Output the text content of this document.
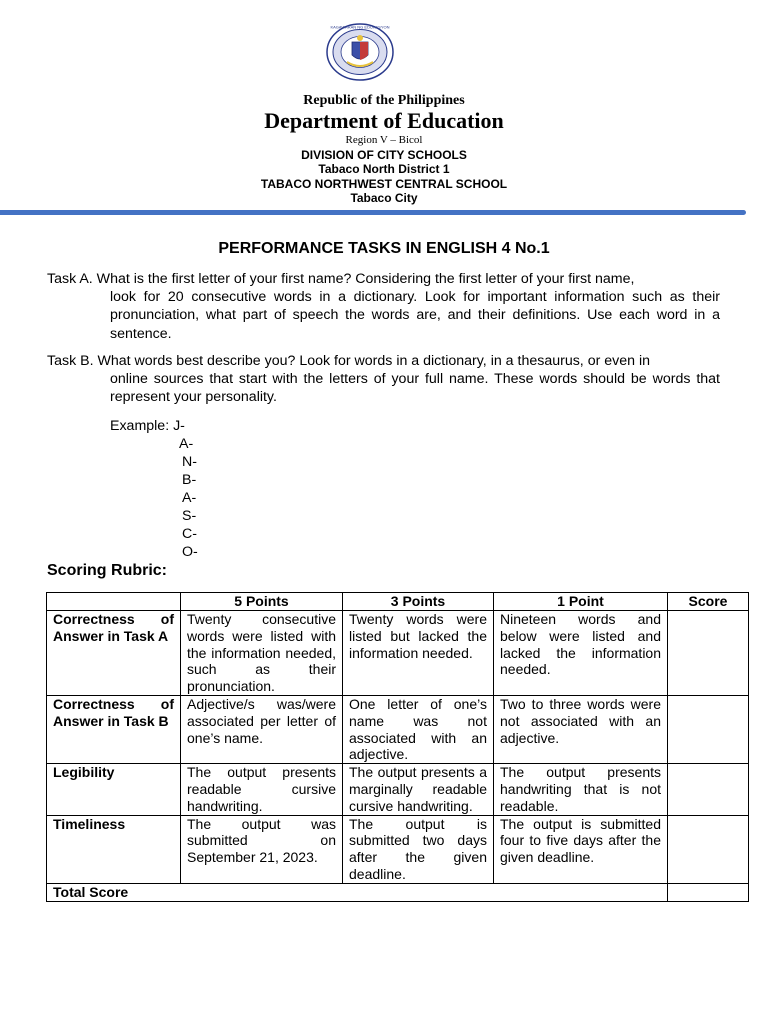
KAGAWARAN NG EDUKASYON
Republic of the Philippines
Department of Education
Region V – Bicol
DIVISION OF CITY SCHOOLS
Tabaco North District 1
TABACO NORTHWEST CENTRAL SCHOOL
Tabaco City
PERFORMANCE TASKS IN ENGLISH 4 No.1
Task A. What is the first letter of your first name? Considering the first letter of your first name,
look for 20 consecutive words in a dictionary. Look for important information such as their pronunciation, what part of speech the words are, and their definitions. Use each word in a sentence.
Task B. What words best describe you? Look for words in a dictionary, in a thesaurus, or even in
online sources that start with the letters of your full name. These words should be words that represent your personality.
Example: J-
A-
N-
B-
A-
S-
C-
O-
Scoring Rubric:
	5 Points	3 Points	1 Point	Score
Correctness of Answer in Task A	Twenty consecutive words were listed with the information needed, such as their pronunciation.	Twenty words were listed but lacked the information needed.	Nineteen words and below were listed and lacked the information needed.	
Correctness of Answer in Task B	Adjective/s was/were associated per letter of one’s name.	One letter of one’s name was not associated with an adjective.	Two to three words were not associated with an adjective.	
Legibility	The output presents readable cursive handwriting.	The output presents a marginally readable cursive handwriting.	The output presents handwriting that is not readable.	
Timeliness	The output was submitted on September 21, 2023.	The output is submitted two days after the given deadline.	The output is submitted four to five days after the given deadline.	
Total Score				
